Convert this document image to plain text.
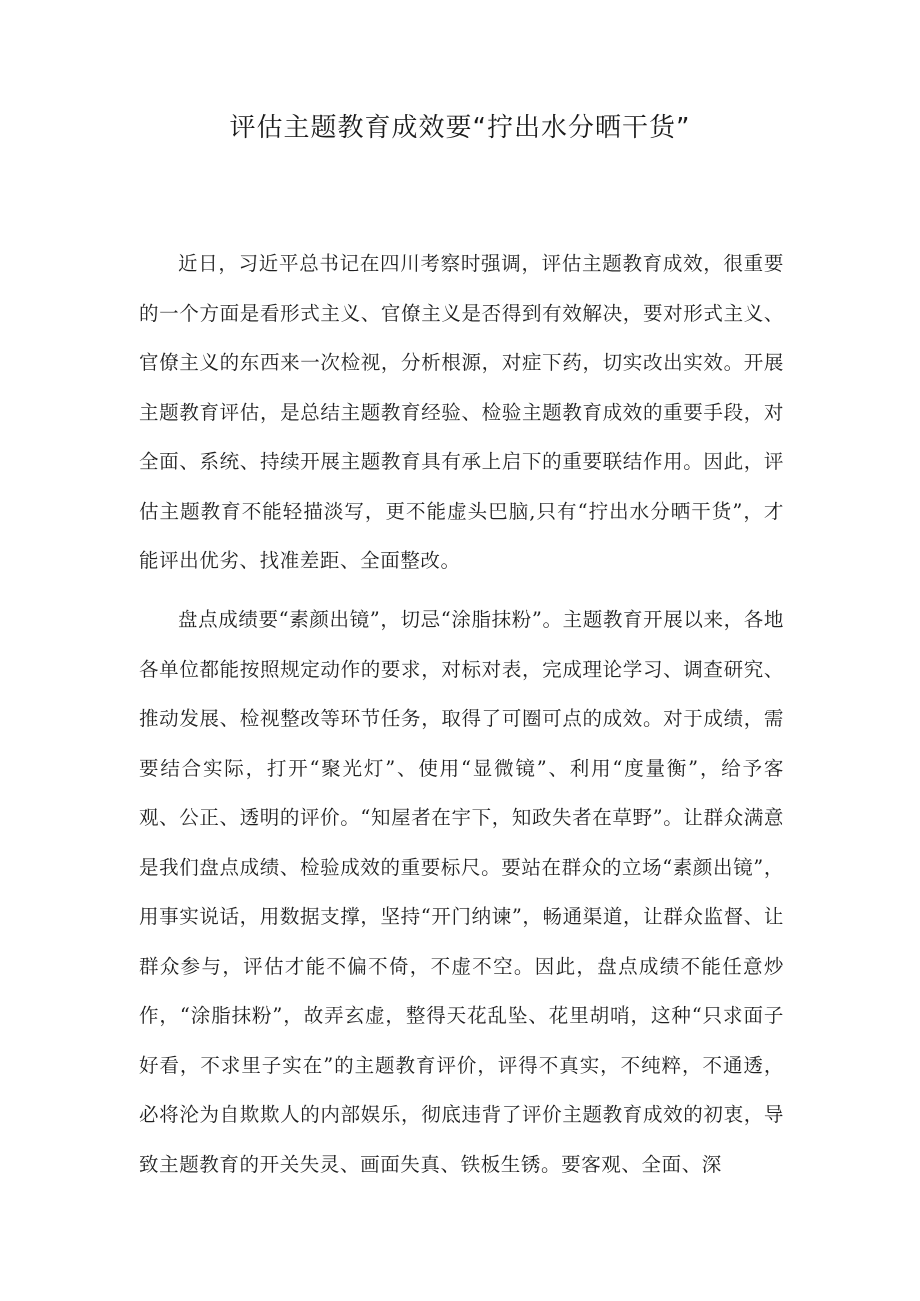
评估主题教育成效要“拧出水分晒干货”

近日，习近平总书记在四川考察时强调，评估主题教育成效，很重要的一个方面是看形式主义、官僚主义是否得到有效解决，要对形式主义、官僚主义的东西来一次检视，分析根源，对症下药，切实改出实效。开展主题教育评估，是总结主题教育经验、检验主题教育成效的重要手段，对全面、系统、持续开展主题教育具有承上启下的重要联结作用。因此，评估主题教育不能轻描淡写，更不能虚头巴脑,只有“拧出水分晒干货”，才能评出优劣、找准差距、全面整改。

盘点成绩要“素颜出镜”，切忌“涂脂抹粉”。主题教育开展以来，各地各单位都能按照规定动作的要求，对标对表，完成理论学习、调查研究、推动发展、检视整改等环节任务，取得了可圈可点的成效。对于成绩，需要结合实际，打开“聚光灯”、使用“显微镜”、利用“度量衡”，给予客观、公正、透明的评价。“知屋者在宇下，知政失者在草野”。让群众满意是我们盘点成绩、检验成效的重要标尺。要站在群众的立场“素颜出镜”，用事实说话，用数据支撑，坚持“开门纳谏”，畅通渠道，让群众监督、让群众参与，评估才能不偏不倚，不虚不空。因此，盘点成绩不能任意炒作，“涂脂抹粉”，故弄玄虚，整得天花乱坠、花里胡哨，这种“只求面子好看，不求里子实在”的主题教育评价，评得不真实，不纯粹，不通透，必将沦为自欺欺人的内部娱乐，彻底违背了评价主题教育成效的初衷，导致主题教育的开关失灵、画面失真、铁板生锈。要客观、全面、深
